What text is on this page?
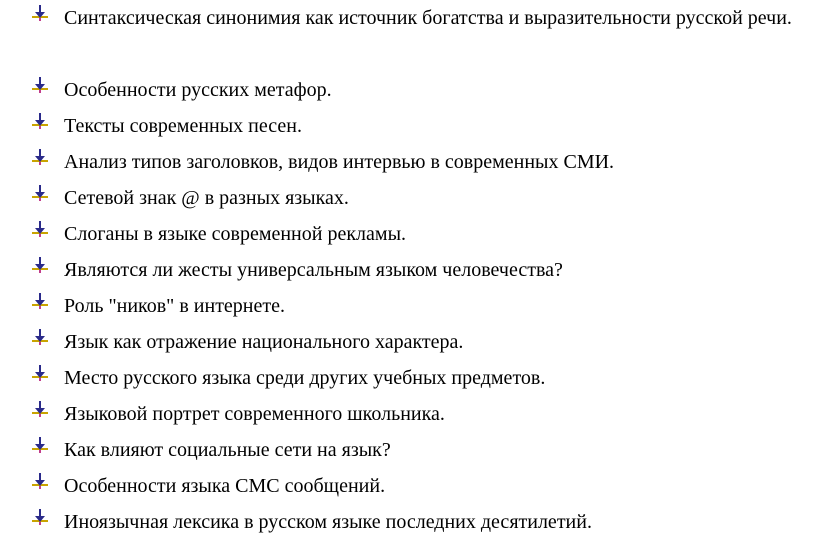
Синтаксическая синонимия как источник богатства и выразительности русской речи.
Особенности русских метафор.
Тексты современных песен.
Анализ типов заголовков, видов интервью в современных СМИ.
Сетевой знак @ в разных языках.
Слоганы в языке современной рекламы.
Являются ли жесты универсальным языком человечества?
Роль "ников" в интернете.
Язык как отражение национального характера.
Место русского языка среди других учебных предметов.
Языковой портрет современного школьника.
Как влияют социальные сети на язык?
Особенности языка СМС сообщений.
Иноязычная лексика в русском языке последних десятилетий.
